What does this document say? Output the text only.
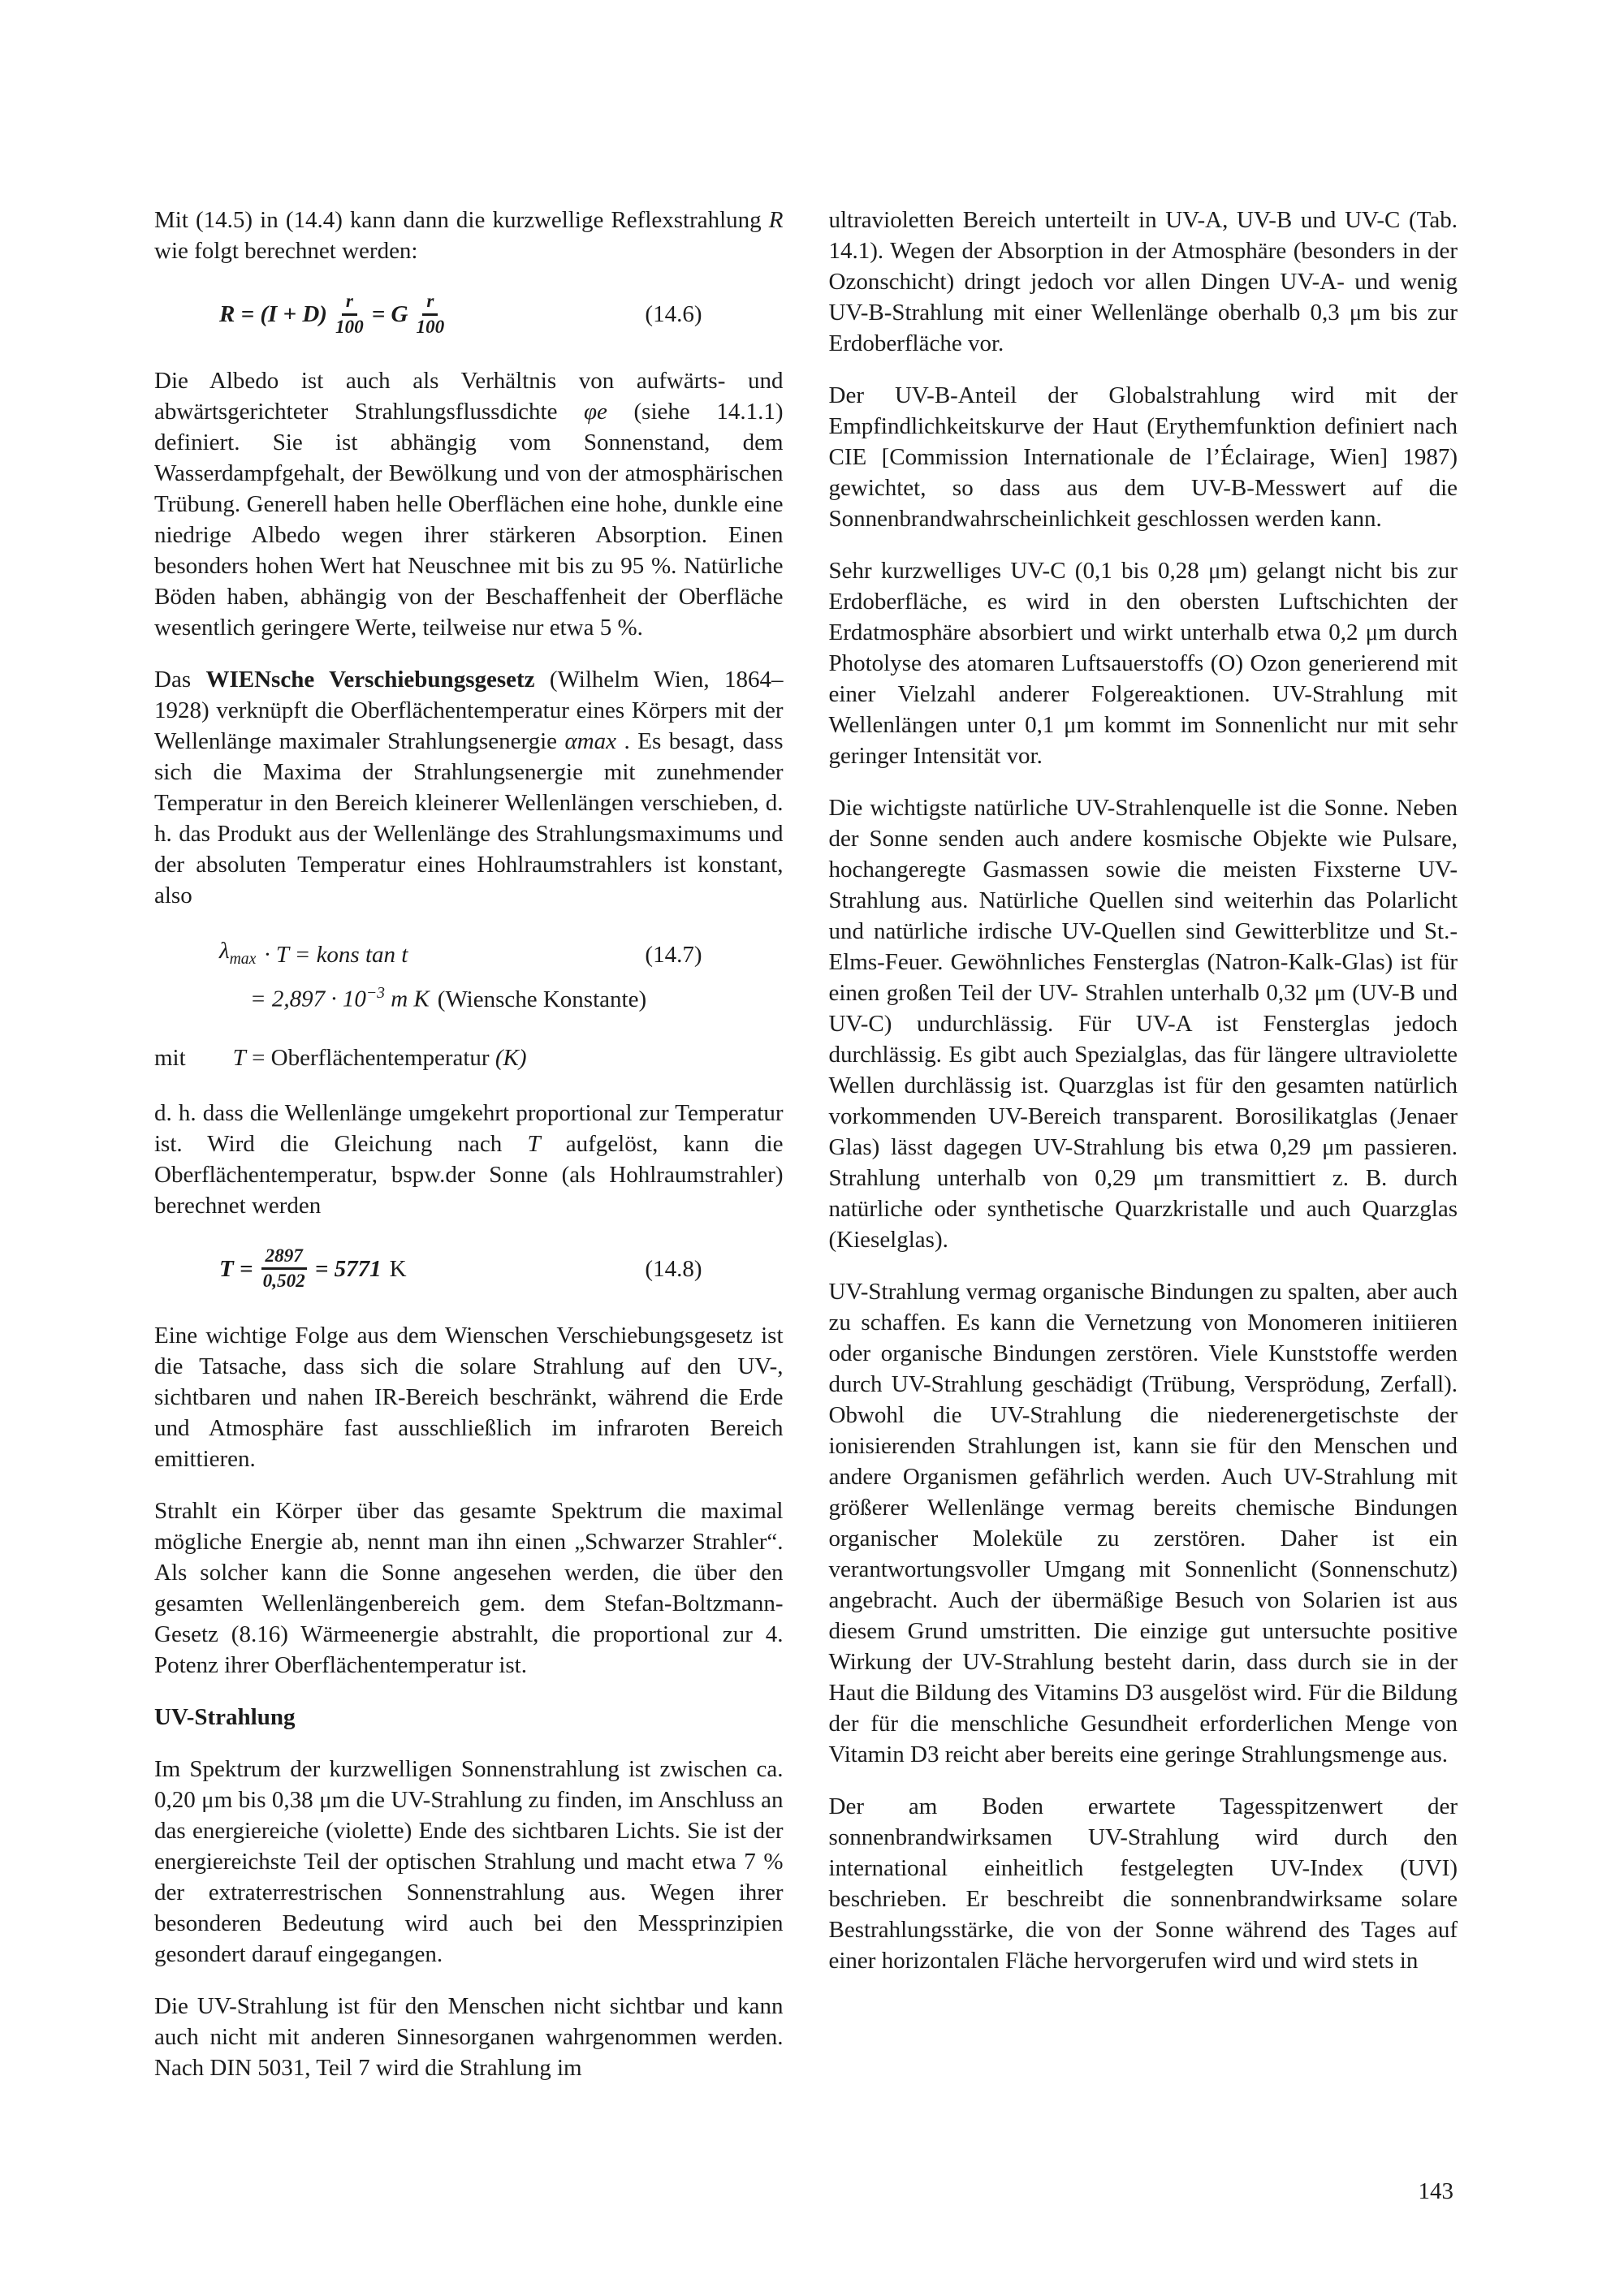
Mit (14.5) in (14.4) kann dann die kurzwellige Reflexstrahlung R wie folgt berechnet werden:

$R = (I + D) \frac{r}{100} = G \frac{r}{100}$	(14.6)

Die Albedo ist auch als Verhältnis von aufwärts- und abwärtsgerichteter Strahlungsflussdichte φe (siehe 14.1.1) definiert. Sie ist abhängig vom Sonnenstand, dem Wasserdampfgehalt, der Bewölkung und von der atmosphärischen Trübung. Generell haben helle Oberflächen eine hohe, dunkle eine niedrige Albedo wegen ihrer stärkeren Absorption. Einen besonders hohen Wert hat Neuschnee mit bis zu 95 %. Natürliche Böden haben, abhängig von der Beschaffenheit der Oberfläche wesentlich geringere Werte, teilweise nur etwa 5 %.

Das WIENsche Verschiebungsgesetz (Wilhelm Wien, 1864–1928) verknüpft die Oberflächentemperatur eines Körpers mit der Wellenlänge maximaler Strahlungsenergie αmax . Es besagt, dass sich die Maxima der Strahlungsenergie mit zunehmender Temperatur in den Bereich kleinerer Wellenlängen verschieben, d. h. das Produkt aus der Wellenlänge des Strahlungsmaximums und der absoluten Temperatur eines Hohlraumstrahlers ist konstant, also

$\lambda_{max} \cdot T$ = kons tan t	(14.7)
= $2,897 \cdot 10^{-3}$ m K (Wiensche Konstante)
mit T = Oberflächentemperatur (K)

d. h. dass die Wellenlänge umgekehrt proportional zur Temperatur ist. Wird die Gleichung nach T aufgelöst, kann die Oberflächentemperatur, bspw.der Sonne (als Hohlraumstrahler) berechnet werden

$T = \frac{2897}{0,502} = 5771$ K	(14.8)

Eine wichtige Folge aus dem Wienschen Verschiebungsgesetz ist die Tatsache, dass sich die solare Strahlung auf den UV-, sichtbaren und nahen IR-Bereich beschränkt, während die Erde und Atmosphäre fast ausschließlich im infraroten Bereich emittieren.

Strahlt ein Körper über das gesamte Spektrum die maximal mögliche Energie ab, nennt man ihn einen „Schwarzer Strahler“. Als solcher kann die Sonne angesehen werden, die über den gesamten Wellenlängenbereich gem. dem Stefan-Boltzmann-Gesetz (8.16) Wärmeenergie abstrahlt, die proportional zur 4. Potenz ihrer Oberflächentemperatur ist.

UV-Strahlung

Im Spektrum der kurzwelligen Sonnenstrahlung ist zwischen ca. 0,20 μm bis 0,38 μm die UV-Strahlung zu finden, im Anschluss an das energiereiche (violette) Ende des sichtbaren Lichts. Sie ist der energiereichste Teil der optischen Strahlung und macht etwa 7 % der extraterrestrischen Sonnenstrahlung aus. Wegen ihrer besonderen Bedeutung wird auch bei den Messprinzipien gesondert darauf eingegangen.

Die UV-Strahlung ist für den Menschen nicht sichtbar und kann auch nicht mit anderen Sinnesorganen wahrgenommen werden. Nach DIN 5031, Teil 7 wird die Strahlung im

ultravioletten Bereich unterteilt in UV-A, UV-B und UV-C (Tab. 14.1). Wegen der Absorption in der Atmosphäre (besonders in der Ozonschicht) dringt jedoch vor allen Dingen UV-A- und wenig UV-B-Strahlung mit einer Wellenlänge oberhalb 0,3 μm bis zur Erdoberfläche vor.

Der UV-B-Anteil der Globalstrahlung wird mit der Empfindlichkeitskurve der Haut (Erythemfunktion definiert nach CIE [Commission Internationale de l’Éclairage, Wien] 1987) gewichtet, so dass aus dem UV-B-Messwert auf die Sonnenbrandwahrscheinlichkeit geschlossen werden kann.

Sehr kurzwelliges UV-C (0,1 bis 0,28 μm) gelangt nicht bis zur Erdoberfläche, es wird in den obersten Luftschichten der Erdatmosphäre absorbiert und wirkt unterhalb etwa 0,2 μm durch Photolyse des atomaren Luftsauerstoffs (O) Ozon generierend mit einer Vielzahl anderer Folgereaktionen. UV-Strahlung mit Wellenlängen unter 0,1 μm kommt im Sonnenlicht nur mit sehr geringer Intensität vor.

Die wichtigste natürliche UV-Strahlenquelle ist die Sonne. Neben der Sonne senden auch andere kosmische Objekte wie Pulsare, hochangeregte Gasmassen sowie die meisten Fixsterne UV-Strahlung aus. Natürliche Quellen sind weiterhin das Polarlicht und natürliche irdische UV-Quellen sind Gewitterblitze und St.-Elms-Feuer. Gewöhnliches Fensterglas (Natron-Kalk-Glas) ist für einen großen Teil der UV- Strahlen unterhalb 0,32 μm (UV-B und UV-C) undurchlässig. Für UV-A ist Fensterglas jedoch durchlässig. Es gibt auch Spezialglas, das für längere ultraviolette Wellen durchlässig ist. Quarzglas ist für den gesamten natürlich vorkommenden UV-Bereich transparent. Borosilikatglas (Jenaer Glas) lässt dagegen UV-Strahlung bis etwa 0,29 μm passieren. Strahlung unterhalb von 0,29 μm transmittiert z. B. durch natürliche oder synthetische Quarzkristalle und auch Quarzglas (Kieselglas).

UV-Strahlung vermag organische Bindungen zu spalten, aber auch zu schaffen. Es kann die Vernetzung von Monomeren initiieren oder organische Bindungen zerstören. Viele Kunststoffe werden durch UV-Strahlung geschädigt (Trübung, Versprödung, Zerfall). Obwohl die UV-Strahlung die niederenergetischste der ionisierenden Strahlungen ist, kann sie für den Menschen und andere Organismen gefährlich werden. Auch UV-Strahlung mit größerer Wellenlänge vermag bereits chemische Bindungen organischer Moleküle zu zerstören. Daher ist ein verantwortungsvoller Umgang mit Sonnenlicht (Sonnenschutz) angebracht. Auch der übermäßige Besuch von Solarien ist aus diesem Grund umstritten. Die einzige gut untersuchte positive Wirkung der UV-Strahlung besteht darin, dass durch sie in der Haut die Bildung des Vitamins D3 ausgelöst wird. Für die Bildung der für die menschliche Gesundheit erforderlichen Menge von Vitamin D3 reicht aber bereits eine geringe Strahlungsmenge aus.

Der am Boden erwartete Tagesspitzenwert der sonnenbrandwirksamen UV-Strahlung wird durch den international einheitlich festgelegten UV-Index (UVI) beschrieben. Er beschreibt die sonnenbrandwirksame solare Bestrahlungsstärke, die von der Sonne während des Tages auf einer horizontalen Fläche hervorgerufen wird und wird stets in

143
